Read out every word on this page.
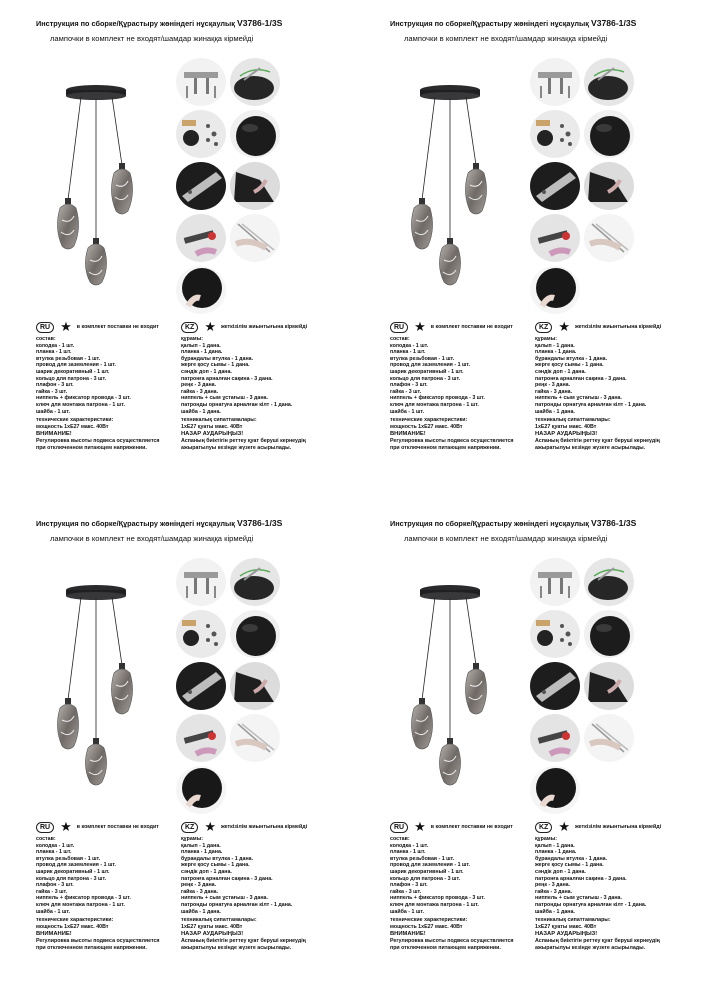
Инструкция по сборке/Құрастыру жөніндегі нұсқаулық V3786-1/3S
лампочки в комплект не входят/шамдар жинаққа кірмейді
RU ★ в комплект поставки не входит	KZ ★ жеткізілім жиынтығына кірмейді
состав:
колодка - 1 шт.
планка - 1 шт.
втулка резьбовая - 1 шт.
провод для заземления - 1 шт.
шарик декоративный - 1 шт.
кольцо для патрона - 3 шт.
плафон - 3 шт.
гайка - 3 шт.
ниппель + фиксатор провода - 3 шт.
ключ для монтажа патрона - 1 шт.
шайба - 1 шт.
технические характеристики:
мощность 1xE27 макс. 40Вт
ВНИМАНИЕ!
Регулировка высоты подвеса осуществляется
при отключенном питающем напряжении.
құрамы:
қалып - 1 дана.
планка - 1 дана.
бұрандалы втулка - 1 дана.
жерге қосу сымы - 1 дана.
сәндік доп - 1 дана.
патронға арналған сақина - 3 дана.
реңк - 3 дана.
гайка - 3 дана.
ниппель + сым ұстағыш - 3 дана.
патронды орнатуға арналған кілт - 1 дана.
шайба - 1 дана.
техникалық сипаттамалары:
1xE27 қуаты макс. 40Вт
НАЗАР АУДАРЫҢЫЗ!
Аспаның биіктігін реттеу қуат беруші кернеудің
ажыратылуы кезінде жүзеге асырылады.
Инструкция по сборке/Құрастыру жөніндегі нұсқаулық V3786-1/3S
лампочки в комплект не входят/шамдар жинаққа кірмейді
RU ★ в комплект поставки не входит	KZ ★ жеткізілім жиынтығына кірмейді
состав:
колодка - 1 шт.
планка - 1 шт.
втулка резьбовая - 1 шт.
провод для заземления - 1 шт.
шарик декоративный - 1 шт.
кольцо для патрона - 3 шт.
плафон - 3 шт.
гайка - 3 шт.
ниппель + фиксатор провода - 3 шт.
ключ для монтажа патрона - 1 шт.
шайба - 1 шт.
технические характеристики:
мощность 1xE27 макс. 40Вт
ВНИМАНИЕ!
Регулировка высоты подвеса осуществляется
при отключенном питающем напряжении.
құрамы:
қалып - 1 дана.
планка - 1 дана.
бұрандалы втулка - 1 дана.
жерге қосу сымы - 1 дана.
сәндік доп - 1 дана.
патронға арналған сақина - 3 дана.
реңк - 3 дана.
гайка - 3 дана.
ниппель + сым ұстағыш - 3 дана.
патронды орнатуға арналған кілт - 1 дана.
шайба - 1 дана.
техникалық сипаттамалары:
1xE27 қуаты макс. 40Вт
НАЗАР АУДАРЫҢЫЗ!
Аспаның биіктігін реттеу қуат беруші кернеудің
ажыратылуы кезінде жүзеге асырылады.
Инструкция по сборке/Құрастыру жөніндегі нұсқаулық V3786-1/3S
лампочки в комплект не входят/шамдар жинаққа кірмейді
RU ★ в комплект поставки не входит	KZ ★ жеткізілім жиынтығына кірмейді
состав:
колодка - 1 шт.
планка - 1 шт.
втулка резьбовая - 1 шт.
провод для заземления - 1 шт.
шарик декоративный - 1 шт.
кольцо для патрона - 3 шт.
плафон - 3 шт.
гайка - 3 шт.
ниппель + фиксатор провода - 3 шт.
ключ для монтажа патрона - 1 шт.
шайба - 1 шт.
технические характеристики:
мощность 1xE27 макс. 40Вт
ВНИМАНИЕ!
Регулировка высоты подвеса осуществляется
при отключенном питающем напряжении.
құрамы:
қалып - 1 дана.
планка - 1 дана.
бұрандалы втулка - 1 дана.
жерге қосу сымы - 1 дана.
сәндік доп - 1 дана.
патронға арналған сақина - 3 дана.
реңк - 3 дана.
гайка - 3 дана.
ниппель + сым ұстағыш - 3 дана.
патронды орнатуға арналған кілт - 1 дана.
шайба - 1 дана.
техникалық сипаттамалары:
1xE27 қуаты макс. 40Вт
НАЗАР АУДАРЫҢЫЗ!
Аспаның биіктігін реттеу қуат беруші кернеудің
ажыратылуы кезінде жүзеге асырылады.
Инструкция по сборке/Құрастыру жөніндегі нұсқаулық V3786-1/3S
лампочки в комплект не входят/шамдар жинаққа кірмейді
RU ★ в комплект поставки не входит	KZ ★ жеткізілім жиынтығына кірмейді
состав:
колодка - 1 шт.
планка - 1 шт.
втулка резьбовая - 1 шт.
провод для заземления - 1 шт.
шарик декоративный - 1 шт.
кольцо для патрона - 3 шт.
плафон - 3 шт.
гайка - 3 шт.
ниппель + фиксатор провода - 3 шт.
ключ для монтажа патрона - 1 шт.
шайба - 1 шт.
технические характеристики:
мощность 1xE27 макс. 40Вт
ВНИМАНИЕ!
Регулировка высоты подвеса осуществляется
при отключенном питающем напряжении.
құрамы:
қалып - 1 дана.
планка - 1 дана.
бұрандалы втулка - 1 дана.
жерге қосу сымы - 1 дана.
сәндік доп - 1 дана.
патронға арналған сақина - 3 дана.
реңк - 3 дана.
гайка - 3 дана.
ниппель + сым ұстағыш - 3 дана.
патронды орнатуға арналған кілт - 1 дана.
шайба - 1 дана.
техникалық сипаттамалары:
1xE27 қуаты макс. 40Вт
НАЗАР АУДАРЫҢЫЗ!
Аспаның биіктігін реттеу қуат беруші кернеудің
ажыратылуы кезінде жүзеге асырылады.
